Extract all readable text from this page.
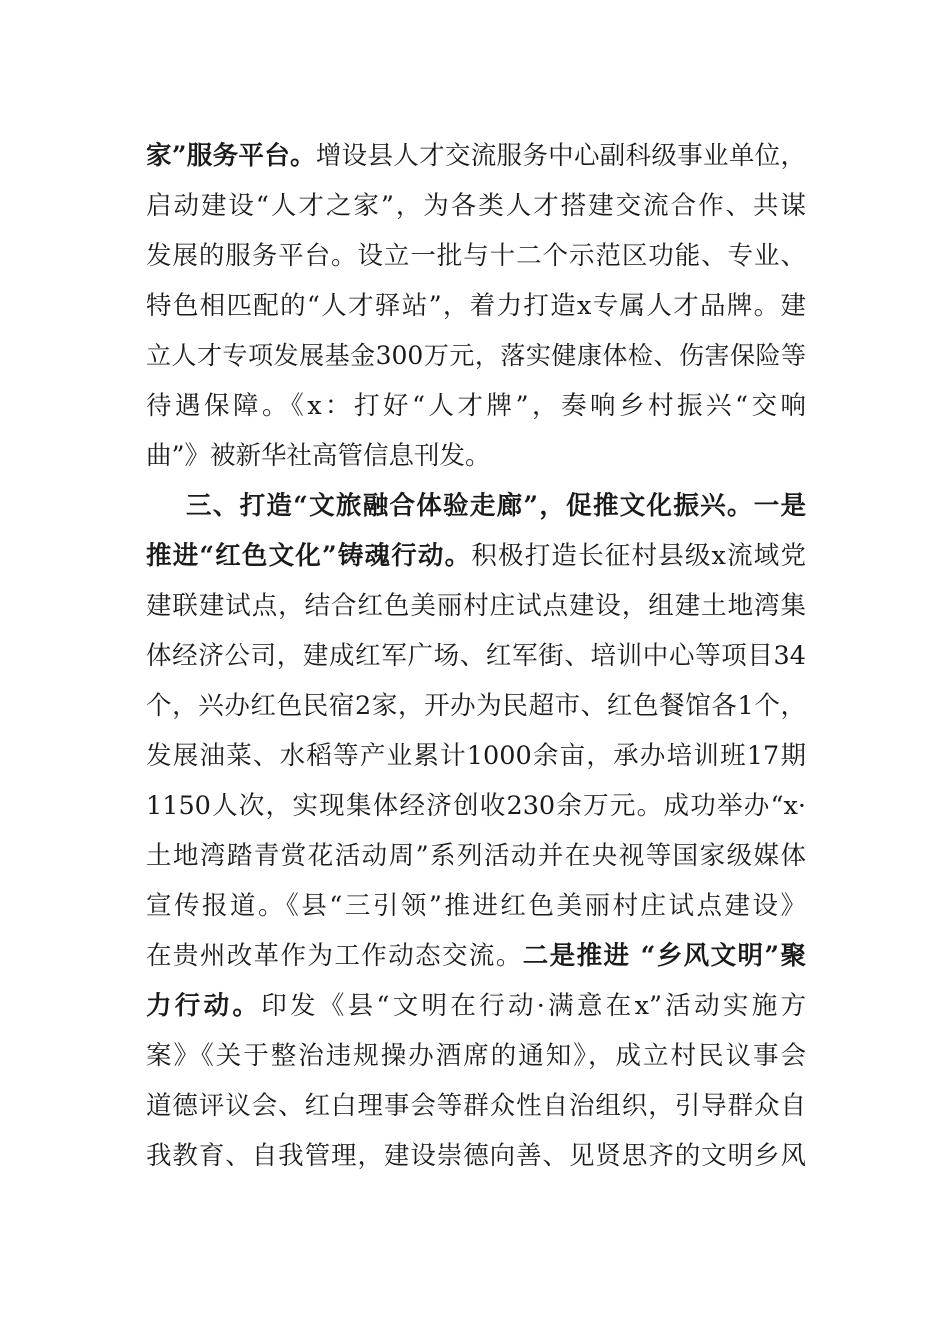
家”服务平台。增设县人才交流服务中心副科级事业单位，
启动建设“人才之家”，为各类人才搭建交流合作、共谋
发展的服务平台。设立一批与十二个示范区功能、专业、
特色相匹配的“人才驿站”，着力打造x专属人才品牌。建
立人才专项发展基金300万元，落实健康体检、伤害保险等
待遇保障。《x：打好“人才牌”，奏响乡村振兴“交响
曲”》被新华社高管信息刊发。
三、打造“文旅融合体验走廊”，促推文化振兴。一是
推进“红色文化”铸魂行动。积极打造长征村县级x流域党
建联建试点，结合红色美丽村庄试点建设，组建土地湾集
体经济公司，建成红军广场、红军街、培训中心等项目34
个，兴办红色民宿2家，开办为民超市、红色餐馆各1个，
发展油菜、水稻等产业累计1000余亩，承办培训班17期
1150人次，实现集体经济创收230余万元。成功举办“x·
土地湾踏青赏花活动周”系列活动并在央视等国家级媒体
宣传报道。《县“三引领”推进红色美丽村庄试点建设》
在贵州改革作为工作动态交流。二是推进 “乡风文明”聚
力行动。印发《县“文明在行动·满意在x”活动实施方
案》《关于整治违规操办酒席的通知》，成立村民议事会
道德评议会、红白理事会等群众性自治组织，引导群众自
我教育、自我管理，建设崇德向善、见贤思齐的文明乡风
